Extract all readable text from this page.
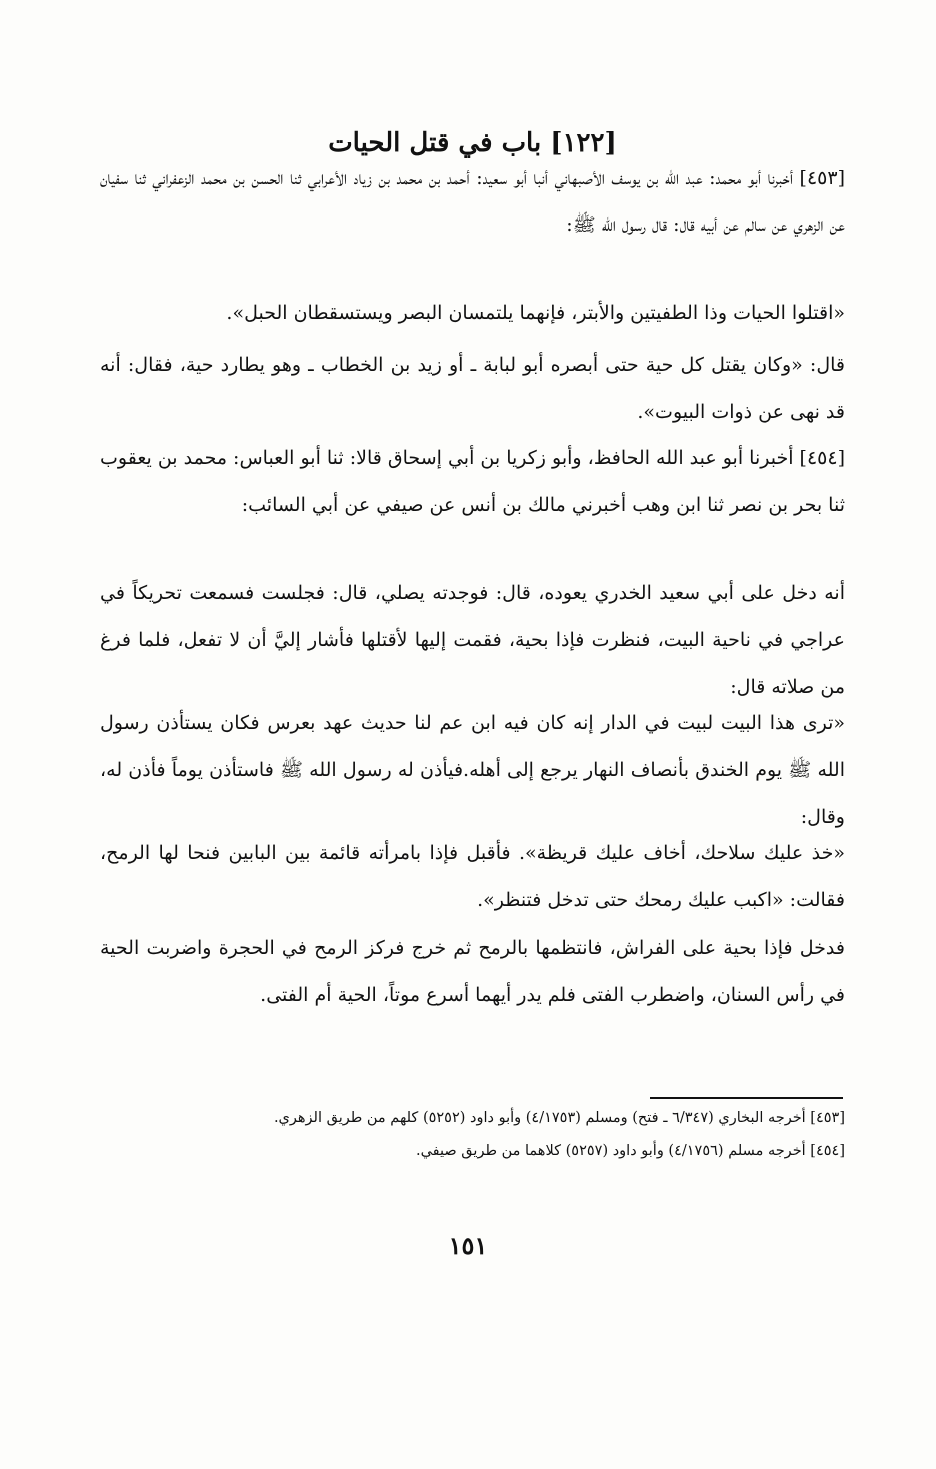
[١٢٢] باب في قتل الحيات

[٤٥٣] أخبرنا أبو محمد: عبد الله بن يوسف الأصبهاني أنبا أبو سعيد: أحمد بن محمد بن زياد الأعرابي ثنا الحسن بن محمد الزعفراني ثنا سفيان عن الزهري عن سالم عن أبيه قال: قال رسول الله ﷺ:

«اقتلوا الحيات وذا الطفيتين والأبتر، فإنهما يلتمسان البصر ويستسقطان الحبل».

قال: «وكان يقتل كل حية حتى أبصره أبو لبابة ـ أو زيد بن الخطاب ـ وهو يطارد حية، فقال: أنه قد نهى عن ذوات البيوت».

[٤٥٤] أخبرنا أبو عبد الله الحافظ، وأبو زكريا بن أبي إسحاق قالا: ثنا أبو العباس: محمد بن يعقوب ثنا بحر بن نصر ثنا ابن وهب أخبرني مالك بن أنس عن صيفي عن أبي السائب:

أنه دخل على أبي سعيد الخدري يعوده، قال: فوجدته يصلي، قال: فجلست فسمعت تحريكاً في عراجي في ناحية البيت، فنظرت فإذا بحية، فقمت إليها لأقتلها فأشار إليَّ أن لا تفعل، فلما فرغ من صلاته قال:

«ترى هذا البيت لبيت في الدار إنه كان فيه ابن عم لنا حديث عهد بعرس فكان يستأذن رسول الله ﷺ يوم الخندق بأنصاف النهار يرجع إلى أهله.فيأذن له رسول الله ﷺ فاستأذن يوماً فأذن له، وقال:

«خذ عليك سلاحك، أخاف عليك قريظة». فأقبل فإذا بامرأته قائمة بين البابين فنحا لها الرمح، فقالت: «اكبب عليك رمحك حتى تدخل فتنظر».

فدخل فإذا بحية على الفراش، فانتظمها بالرمح ثم خرج فركز الرمح في الحجرة واضربت الحية في رأس السنان، واضطرب الفتى فلم يدر أيهما أسرع موتاً، الحية أم الفتى.

[٤٥٣] أخرجه البخاري (٦/٣٤٧ ـ فتح) ومسلم (٤/١٧٥٣) وأبو داود (٥٢٥٢) كلهم من طريق الزهري.

[٤٥٤] أخرجه مسلم (٤/١٧٥٦) وأبو داود (٥٢٥٧) كلاهما من طريق صيفي.

١٥١
